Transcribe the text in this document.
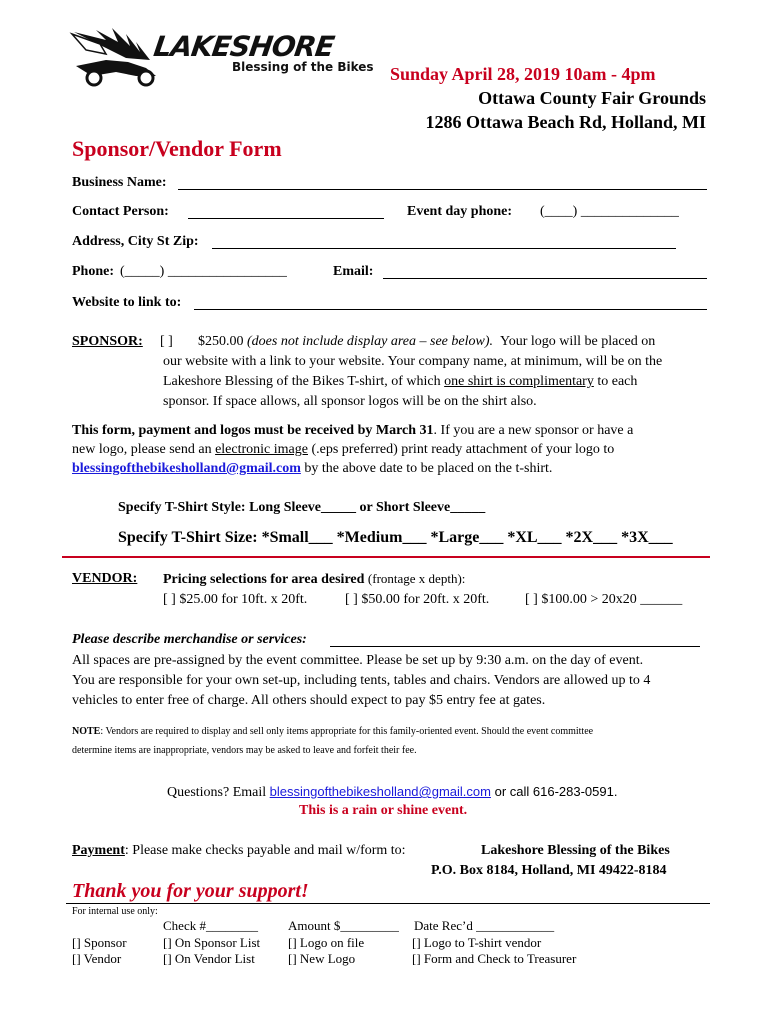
LAKESHORE
Blessing of the Bikes Sunday April 28, 2019 10am - 4pm
Ottawa County Fair Grounds
1286 Ottawa Beach Rd, Holland, MI
Sponsor/Vendor Form
Business Name:
Contact Person:	Event day phone: (____) ______________
Address, City St Zip:
Phone: (_____) _________________	Email:
Website to link to:
SPONSOR: [ ] $250.00 (does not include display area – see below). Your logo will be placed on
our website with a link to your website. Your company name, at minimum, will be on the
Lakeshore Blessing of the Bikes T-shirt, of which one shirt is complimentary to each
sponsor. If space allows, all sponsor logos will be on the shirt also.
This form, payment and logos must be received by March 31. If you are a new sponsor or have a
new logo, please send an electronic image (.eps preferred) print ready attachment of your logo to
blessingofthebikesholland@gmail.com by the above date to be placed on the t-shirt.
Specify T-Shirt Style: Long Sleeve_____ or Short Sleeve_____
Specify T-Shirt Size: *Small___ *Medium___ *Large___ *XL___ *2X___ *3X___
VENDOR: Pricing selections for area desired (frontage x depth):
[ ] $25.00 for 10ft. x 20ft.	[ ] $50.00 for 20ft. x 20ft.	[ ] $100.00 > 20x20 ______
Please describe merchandise or services:
All spaces are pre-assigned by the event committee. Please be set up by 9:30 a.m. on the day of event.
You are responsible for your own set-up, including tents, tables and chairs. Vendors are allowed up to 4
vehicles to enter free of charge. All others should expect to pay $5 entry fee at gates.
NOTE: Vendors are required to display and sell only items appropriate for this family-oriented event. Should the event committee
determine items are inappropriate, vendors may be asked to leave and forfeit their fee.
Questions? Email blessingofthebikesholland@gmail.com or call 616-283-0591.
This is a rain or shine event.
Payment: Please make checks payable and mail w/form to:	Lakeshore Blessing of the Bikes
P.O. Box 8184, Holland, MI 49422-8184
Thank you for your support!
For internal use only:
Check #________ Amount $_________ Date Rec’d ____________
[] Sponsor	[] On Sponsor List [] Logo on file	[] Logo to T-shirt vendor
[] Vendor	[] On Vendor List	[] New Logo	[] Form and Check to Treasurer
